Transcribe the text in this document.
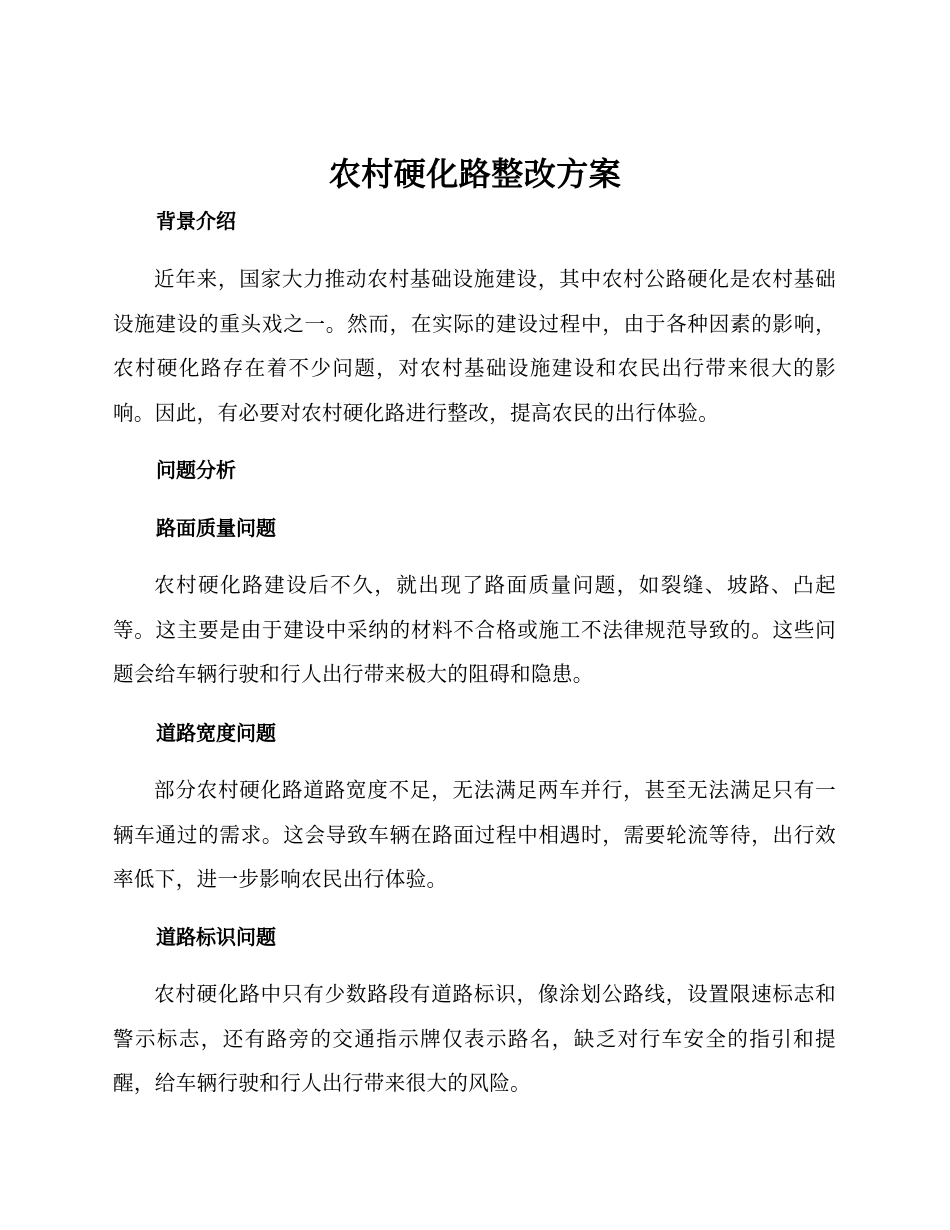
农村硬化路整改方案
背景介绍
近年来，国家大力推动农村基础设施建设，其中农村公路硬化是农村基础设施建设的重头戏之一。然而，在实际的建设过程中，由于各种因素的影响，农村硬化路存在着不少问题，对农村基础设施建设和农民出行带来很大的影响。因此，有必要对农村硬化路进行整改，提高农民的出行体验。
问题分析
路面质量问题
农村硬化路建设后不久，就出现了路面质量问题，如裂缝、坡路、凸起等。这主要是由于建设中采纳的材料不合格或施工不法律规范导致的。这些问题会给车辆行驶和行人出行带来极大的阻碍和隐患。
道路宽度问题
部分农村硬化路道路宽度不足，无法满足两车并行，甚至无法满足只有一辆车通过的需求。这会导致车辆在路面过程中相遇时，需要轮流等待，出行效率低下，进一步影响农民出行体验。
道路标识问题
农村硬化路中只有少数路段有道路标识，像涂划公路线，设置限速标志和警示标志，还有路旁的交通指示牌仅表示路名，缺乏对行车安全的指引和提醒，给车辆行驶和行人出行带来很大的风险。
